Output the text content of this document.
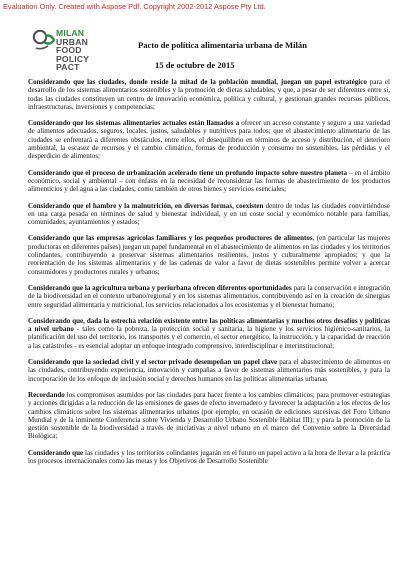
Evaluation Only. Created with Aspose Pdf. Copyright 2002-2012 Aspose Pty Ltd.
MILAN
URBAN
FOOD
POLICY
PACT
Pacto de política alimentaria urbana de Milán
15 de octubre de 2015

Considerando que las ciudades, donde reside la mitad de la población mundial, juegan un papel estratégico para el desarrollo de los sistemas alimentarios sostenibles y la promoción de dietas saludables, y que, a pesar de ser diferentes entre sí, todas las ciudades constituyen un centro de innovación económica, política y cultural, y gestionan grandes recursos públicos, infraestructuras, inversiones y competencias;

Considerando que los sistemas alimentarios actuales están llamados a ofrecer un acceso constante y seguro a una variedad de alimentos adecuados, seguros, locales, justos, saludables y nutritivos para todos; que el abastecimiento alimentario de las ciudades se enfrentará a diferentes obstáculos, entre ellos, el desequilibrio en términos de acceso y distribución, el deterioro ambiental, la escasez de recursos y el cambio climático, formas de producción y consumo no sostenibles, las pérdidas y el desperdicio de alimentos;

Considerando que el proceso de urbanización acelerado tiene un profundo impacto sobre nuestro planeta – en el ámbito económico, social y ambiental – con énfasis en la necesidad de reconsiderar las formas de abastecimiento de los productos alimenticios y del agua a las ciudades, como también de otros bienes y servicios esenciales;

Considerando que el hambre y la malnutrición, en diversas formas, coexisten dentro de todas las ciudades convirtiéndose en una carga pesada en términos de salud y bienestar individual, y en un coste social y económico notable para familias, comunidades, ayuntamientos y estados;

Considerando que las empresas agrícolas familiares y los pequeños productores de alimentos, (en particular las mujeres productoras en diferentes países) juegan un papel fundamental en el abastecimiento de alimentos en las ciudades y los territorios colindantes, contribuyendo a preservar sistemas alimentarios resilientes, justos y culturalmente apropiados; y que la reorientación de los sistemas alimentarios y de las cadenas de valor a favor de dietas sostenibles permite volver a acercar consumidores y productores rurales y urbanos;

Considerando que la agricultura urbana y periurbana ofrecen diferentes oportunidades para la conservación e integración de la biodiversidad en el contexto urbano/regional y en los sistemas alimentarios, contribuyendo así en la creación de sinergias entre seguridad alimentaria y nutricional, los servicios relacionados a los ecosistemas y el bienestar humano;

Considerando que, dada la estrecha relación existente entre las políticas alimentarias y muchos otros desafíos y políticas a nivel urbano - tales como la pobreza, la protección social y sanitaria, la higiene y los servicios higiénico-sanitarios, la planificación del uso del territorio, los transportes y el comercio, el sector energético, la instrucción, y la capacidad de reacción a las catástrofes - es esencial adoptar un enfoque integrado comprensivo, interdisciplinar e interinstitucional;

Considerando que la sociedad civil y el sector privado desempeñan un papel clave para el abastecimiento de alimentos en las ciudades, contribuyendo experiencia, innovación y campañas a favor de sistemas alimentarios más sostenibles, y para la incorporación de los enfoque de inclusión social y derechos humanos en las políticas alimentarias urbanas

Recordando los compromisos asumidos por las ciudades para hacer frente a los cambios climáticos; para promover estrategias y acciones dirigidas a la reducción de las emisiones de gases de efecto invernadero y favorecer la adaptación a los efectos de los cambios climáticos sobre los sistemas alimentarios urbanos (por ejemplo, en ocasión de ediciones sucesivas del Foro Urbano Mundial y de la inminente Conferencia sobre Vivienda y Desarrollo Urbano Sostenible Habitat III); y para la promoción de la gestión sostenible de la biodiversidad a través de iniciativas a nivel urbano en el marco del Convenio sobre la Diversidad Biológica;

Considerando que las ciudades y los territorios colindantes jugarán en el futuro un papel activo a la hora de llevar a la práctica los procesos internacionales como las metas y los Objetivos de Desarrollo Sostenible
